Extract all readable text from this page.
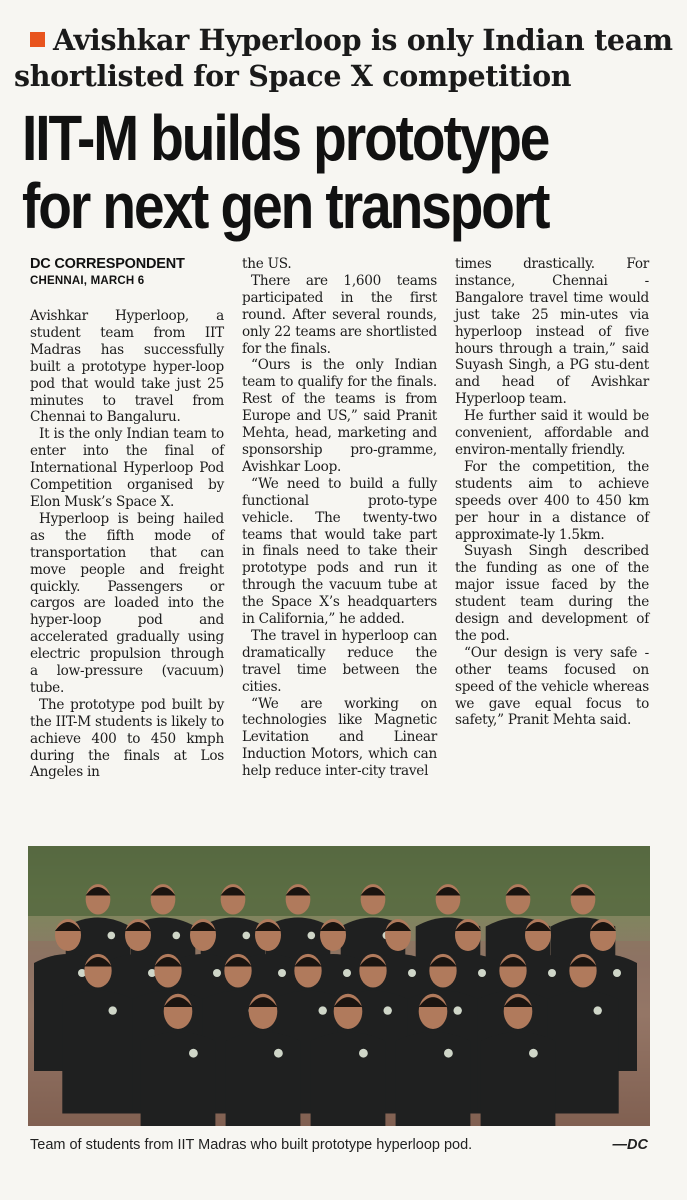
Avishkar Hyperloop is only Indian team
shortlisted for Space X competition
IIT-M builds prototype
for next gen transport
DC CORRESPONDENT
CHENNAI, MARCH 6

Avishkar Hyperloop, a student team from IIT Madras has successfully built a prototype hyper-loop pod that would take just 25 minutes to travel from Chennai to Bangaluru.

It is the only Indian team to enter into the final of International Hyperloop Pod Competition organised by Elon Musk’s Space X.

Hyperloop is being hailed as the fifth mode of transportation that can move people and freight quickly. Passengers or cargos are loaded into the hyper-loop pod and accelerated gradually using electric propulsion through a low-pressure (vacuum) tube.

The prototype pod built by the IIT-M students is likely to achieve 400 to 450 kmph during the finals at Los Angeles in

the US.

There are 1,600 teams participated in the first round. After several rounds, only 22 teams are shortlisted for the finals.

“Ours is the only Indian team to qualify for the finals. Rest of the teams is from Europe and US,” said Pranit Mehta, head, marketing and sponsorship pro-gramme, Avishkar Loop.

“We need to build a fully functional proto-type vehicle. The twenty-two teams that would take part in finals need to take their prototype pods and run it through the vacuum tube at the Space X’s headquarters in California,” he added.

The travel in hyperloop can dramatically reduce the travel time between the cities.

“We are working on technologies like Magnetic Levitation and Linear Induction Motors, which can help reduce inter-city travel

times drastically. For instance, Chennai - Bangalore travel time would just take 25 min-utes via hyperloop instead of five hours through a train,” said Suyash Singh, a PG stu-dent and head of Avishkar Hyperloop team.

He further said it would be convenient, affordable and environ-mentally friendly.

For the competition, the students aim to achieve speeds over 400 to 450 km per hour in a distance of approximate-ly 1.5km.

Suyash Singh described the funding as one of the major issue faced by the student team during the design and development of the pod.

“Our design is very safe - other teams focused on speed of the vehicle whereas we gave equal focus to safety,” Pranit Mehta said.

Team of students from IIT Madras who built prototype hyperloop pod.	—DC
